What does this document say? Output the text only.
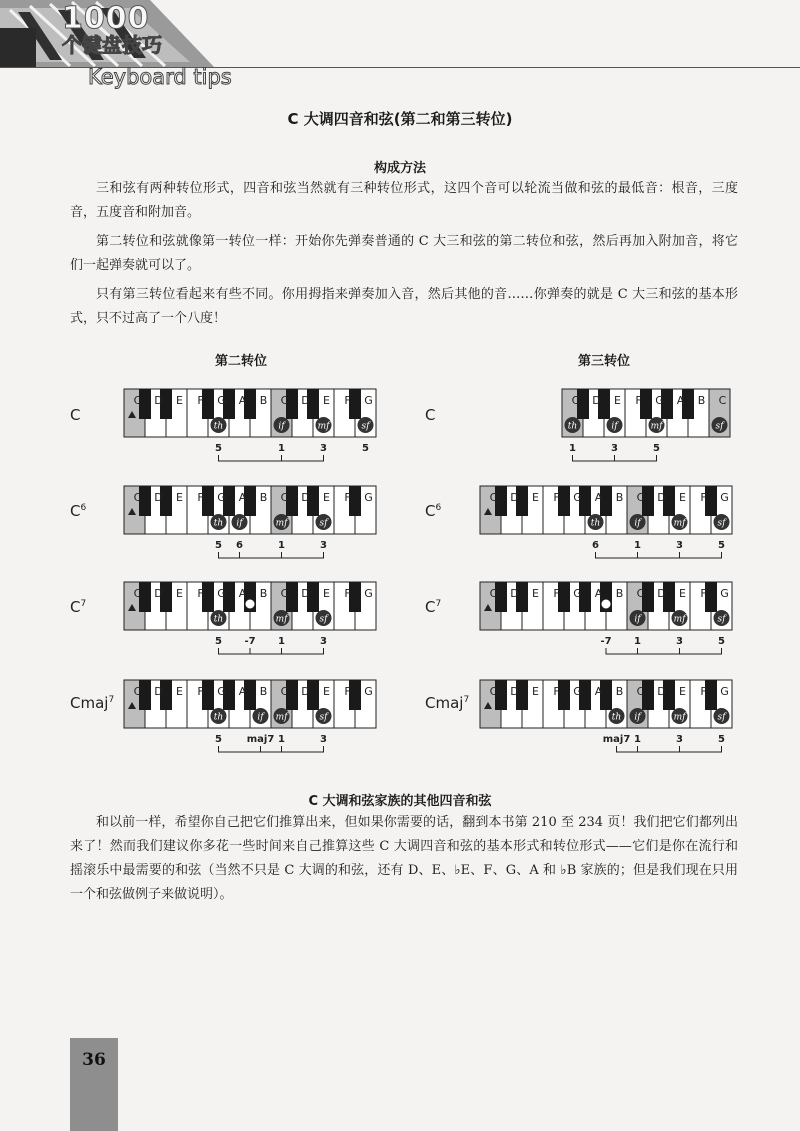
1000
个键盘技巧
Keyboard tips
C 大调四音和弦(第二和第三转位)
构成方法
三和弦有两种转位形式，四音和弦当然就有三种转位形式，这四个音可以轮流当做和弦的最低音：根音，三度音，五度音和附加音。
第二转位和弦就像第一转位一样：开始你先弹奏普通的 C 大三和弦的第二转位和弦，然后再加入附加音，将它们一起弹奏就可以了。
只有第三转位看起来有些不同。你用拇指来弹奏加入音，然后其他的音……你弹奏的就是 C 大三和弦的基本形式，只不过高了一个八度！
第二转位	第三转位
C	C
$C^6$	$C^6$
$C^7$	$C^7$
Cmaj$^7$	Cmaj$^7$
C D E F G A B C D E F G
th	if	mf	sf
5	1	3	5
C D E F G A B C
th	if	mf	sf
1	3	5
C D E F G A B C D E F G
th if	mf	sf
5 6	1	3
C D E F G A B C D E F G
th	if	mf	sf
6	1	3	5
C D E F G A B C D E F G
th	mf	sf
5 -7 1	3
C D E F G A B C D E F G
if	mf	sf
-7 1	3	5
C D E F G A B C D E F G
th	if mf	sf
5 maj7 1	3
C D E F G A B C D E F G
th if	mf	sf
maj7 1	3	5
C 大调和弦家族的其他四音和弦
和以前一样，希望你自己把它们推算出来，但如果你需要的话，翻到本书第 210 至 234 页！我们把它们都列出来了！然而我们建议你多花一些时间来自己推算这些 C 大调四音和弦的基本形式和转位形式——它们是你在流行和摇滚乐中最需要的和弦（当然不只是 C 大调的和弦，还有 D、E、♭E、F、G、A 和 ♭B 家族的；但是我们现在只用一个和弦做例子来做说明）。
36
